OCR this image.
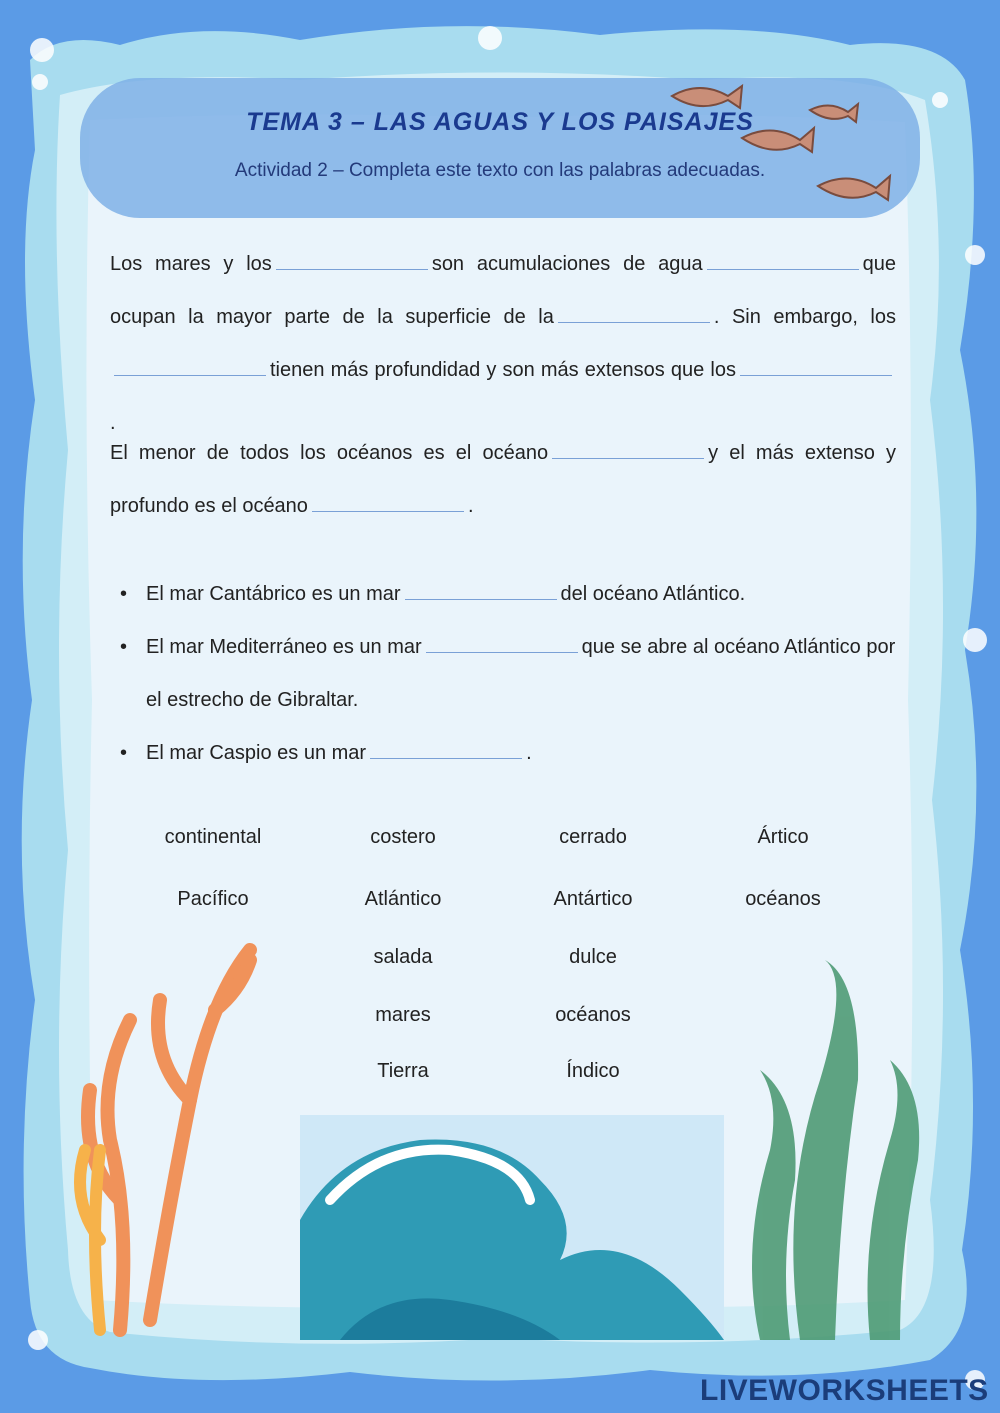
TEMA 3 – LAS AGUAS Y LOS PAISAJES
Actividad 2 – Completa este texto con las palabras adecuadas.
Los mares y los	son acumulaciones de agua	que ocupan la mayor parte de la superficie de la	. Sin embargo, lostienen más profundidad y son más extensos que los.
El menor de todos los océanos es el océano	y el más extenso y profundo es el océano	.
• El mar Cantábrico es un mar	del océano Atlántico.
• El mar Mediterráneo es un mar	que se abre al océano Atlántico por el estrecho de Gibraltar.
• El mar Caspio es un mar	.
continental	costero	cerrado	Ártico
Pacífico	Atlántico	Antártico	océanos
salada	dulce
mares	océanos
Tierra	Índico
LIVEWORKSHEETS
